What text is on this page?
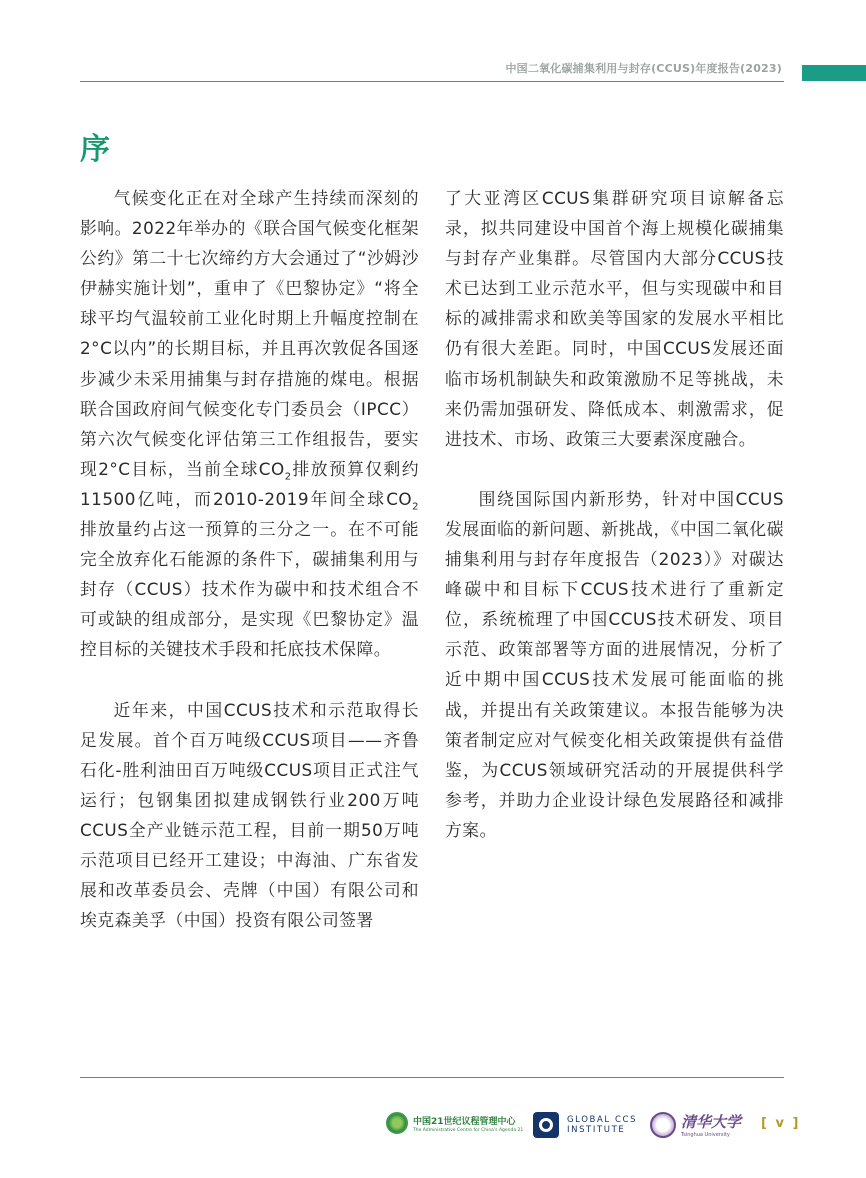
中国二氧化碳捕集利用与封存(CCUS)年度报告(2023)
序

气候变化正在对全球产生持续而深刻的影响。2022年举办的《联合国气候变化框架公约》第二十七次缔约方大会通过了“沙姆沙伊赫实施计划”，重申了《巴黎协定》“将全球平均气温较前工业化时期上升幅度控制在2°C以内”的长期目标，并且再次敦促各国逐步减少未采用捕集与封存措施的煤电。根据联合国政府间气候变化专门委员会（IPCC）第六次气候变化评估第三工作组报告，要实现2°C目标，当前全球$CO_2$排放预算仅剩约11500亿吨，而2010-2019年间全球$CO_2$排放量约占这一预算的三分之一。在不可能完全放弃化石能源的条件下，碳捕集利用与封存（CCUS）技术作为碳中和技术组合不可或缺的组成部分，是实现《巴黎协定》温控目标的关键技术手段和托底技术保障。

近年来，中国CCUS技术和示范取得长足发展。首个百万吨级CCUS项目——齐鲁石化-胜利油田百万吨级CCUS项目正式注气运行；包钢集团拟建成钢铁行业200万吨CCUS全产业链示范工程，目前一期50万吨示范项目已经开工建设；中海油、广东省发展和改革委员会、壳牌（中国）有限公司和埃克森美孚（中国）投资有限公司签署

了大亚湾区CCUS集群研究项目谅解备忘录，拟共同建设中国首个海上规模化碳捕集与封存产业集群。尽管国内大部分CCUS技术已达到工业示范水平，但与实现碳中和目标的减排需求和欧美等国家的发展水平相比仍有很大差距。同时，中国CCUS发展还面临市场机制缺失和政策激励不足等挑战，未来仍需加强研发、降低成本、刺激需求，促进技术、市场、政策三大要素深度融合。

围绕国际国内新形势，针对中国CCUS发展面临的新问题、新挑战，《中国二氧化碳捕集利用与封存年度报告（2023）》对碳达峰碳中和目标下CCUS技术进行了重新定位，系统梳理了中国CCUS技术研发、项目示范、政策部署等方面的进展情况，分析了近中期中国CCUS技术发展可能面临的挑战，并提出有关政策建议。本报告能够为决策者制定应对气候变化相关政策提供有益借鉴，为CCUS领域研究活动的开展提供科学参考，并助力企业设计绿色发展路径和减排方案。

中国21世纪议程管理中心
The Administrative Centre for China's Agenda 21
GLOBAL CCS
INSTITUTE	清华大学
Tsinghua University
[ v ]
